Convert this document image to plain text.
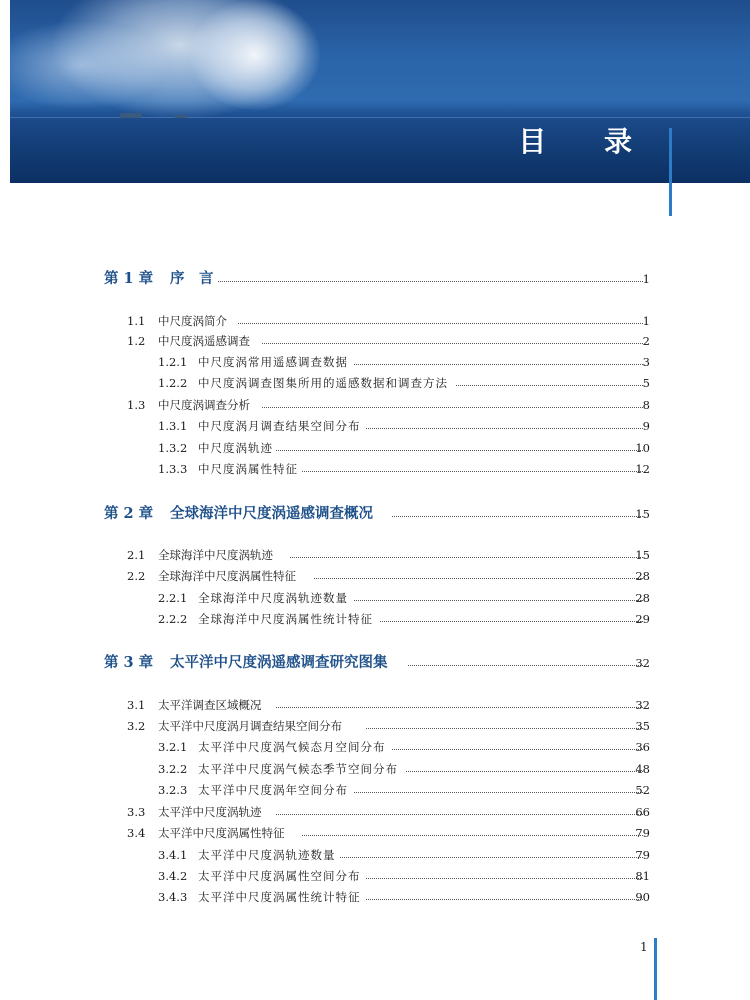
目 录
第 1 章 序　言	1
1.1 中尺度涡简介	1
1.2 中尺度涡遥感调查	2
1.2.1 中尺度涡常用遥感调查数据	3
1.2.2 中尺度涡调查图集所用的遥感数据和调查方法	5
1.3 中尺度涡调查分析	8
1.3.1 中尺度涡月调查结果空间分布	9
1.3.2 中尺度涡轨迹	10
1.3.3 中尺度涡属性特征	12
第 2 章 全球海洋中尺度涡遥感调查概况	15
2.1 全球海洋中尺度涡轨迹	15
2.2 全球海洋中尺度涡属性特征	28
2.2.1 全球海洋中尺度涡轨迹数量	28
2.2.2 全球海洋中尺度涡属性统计特征	29
第 3 章 太平洋中尺度涡遥感调查研究图集	32
3.1 太平洋调查区域概况	32
3.2 太平洋中尺度涡月调查结果空间分布	35
3.2.1 太平洋中尺度涡气候态月空间分布	36
3.2.2 太平洋中尺度涡气候态季节空间分布	48
3.2.3 太平洋中尺度涡年空间分布	52
3.3 太平洋中尺度涡轨迹	66
3.4 太平洋中尺度涡属性特征	79
3.4.1 太平洋中尺度涡轨迹数量	79
3.4.2 太平洋中尺度涡属性空间分布	81
3.4.3 太平洋中尺度涡属性统计特征	90
1
